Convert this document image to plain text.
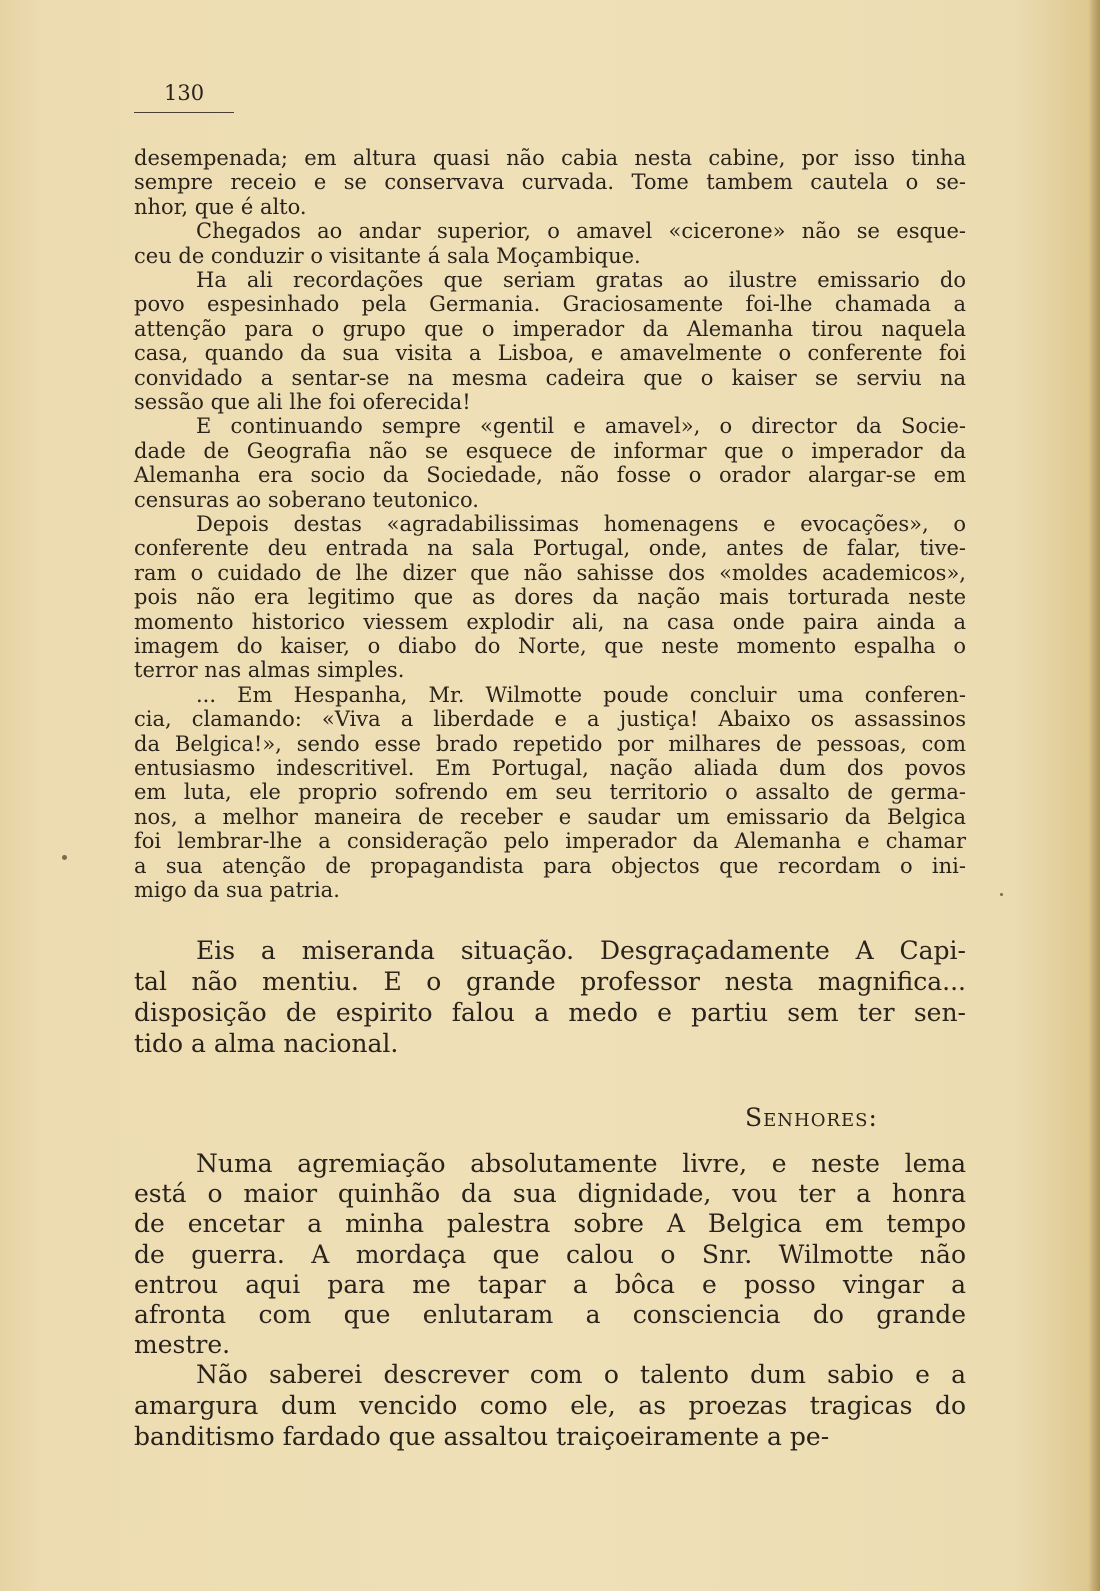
130
desempenada; em altura quasi não cabia nesta cabine, por isso tinha
sempre receio e se conservava curvada. Tome tambem cautela o se-
nhor, que é alto.
Chegados ao andar superior, o amavel «cicerone» não se esque-
ceu de conduzir o visitante á sala Moçambique.
Ha ali recordações que seriam gratas ao ilustre emissario do
povo espesinhado pela Germania. Graciosamente foi-lhe chamada a
attenção para o grupo que o imperador da Alemanha tirou naquela
casa, quando da sua visita a Lisboa, e amavelmente o conferente foi
convidado a sentar-se na mesma cadeira que o kaiser se serviu na
sessão que ali lhe foi oferecida!
E continuando sempre «gentil e amavel», o director da Socie-
dade de Geografia não se esquece de informar que o imperador da
Alemanha era socio da Sociedade, não fosse o orador alargar-se em
censuras ao soberano teutonico.
Depois destas «agradabilissimas homenagens e evocações», o
conferente deu entrada na sala Portugal, onde, antes de falar, tive-
ram o cuidado de lhe dizer que não sahisse dos «moldes academicos»,
pois não era legitimo que as dores da nação mais torturada neste
momento historico viessem explodir ali, na casa onde paira ainda a
imagem do kaiser, o diabo do Norte, que neste momento espalha o
terror nas almas simples.
... Em Hespanha, Mr. Wilmotte poude concluir uma conferen-
cia, clamando: «Viva a liberdade e a justiça! Abaixo os assassinos
da Belgica!», sendo esse brado repetido por milhares de pessoas, com
entusiasmo indescritivel. Em Portugal, nação aliada dum dos povos
em luta, ele proprio sofrendo em seu territorio o assalto de germa-
nos, a melhor maneira de receber e saudar um emissario da Belgica
foi lembrar-lhe a consideração pelo imperador da Alemanha e chamar
a sua atenção de propagandista para objectos que recordam o ini-
migo da sua patria.
Eis a miseranda situação. Desgraçadamente A Capi-
tal não mentiu. E o grande professor nesta magnifica...
disposição de espirito falou a medo e partiu sem ter sen-
tido a alma nacional.
Senhores:
Numa agremiação absolutamente livre, e neste lema
está o maior quinhão da sua dignidade, vou ter a honra
de encetar a minha palestra sobre A Belgica em tempo
de guerra. A mordaça que calou o Snr. Wilmotte não
entrou aqui para me tapar a bôca e posso vingar a
afronta com que enlutaram a consciencia do grande
mestre.
Não saberei descrever com o talento dum sabio e a
amargura dum vencido como ele, as proezas tragicas do
banditismo fardado que assaltou traiçoeiramente a pe-
